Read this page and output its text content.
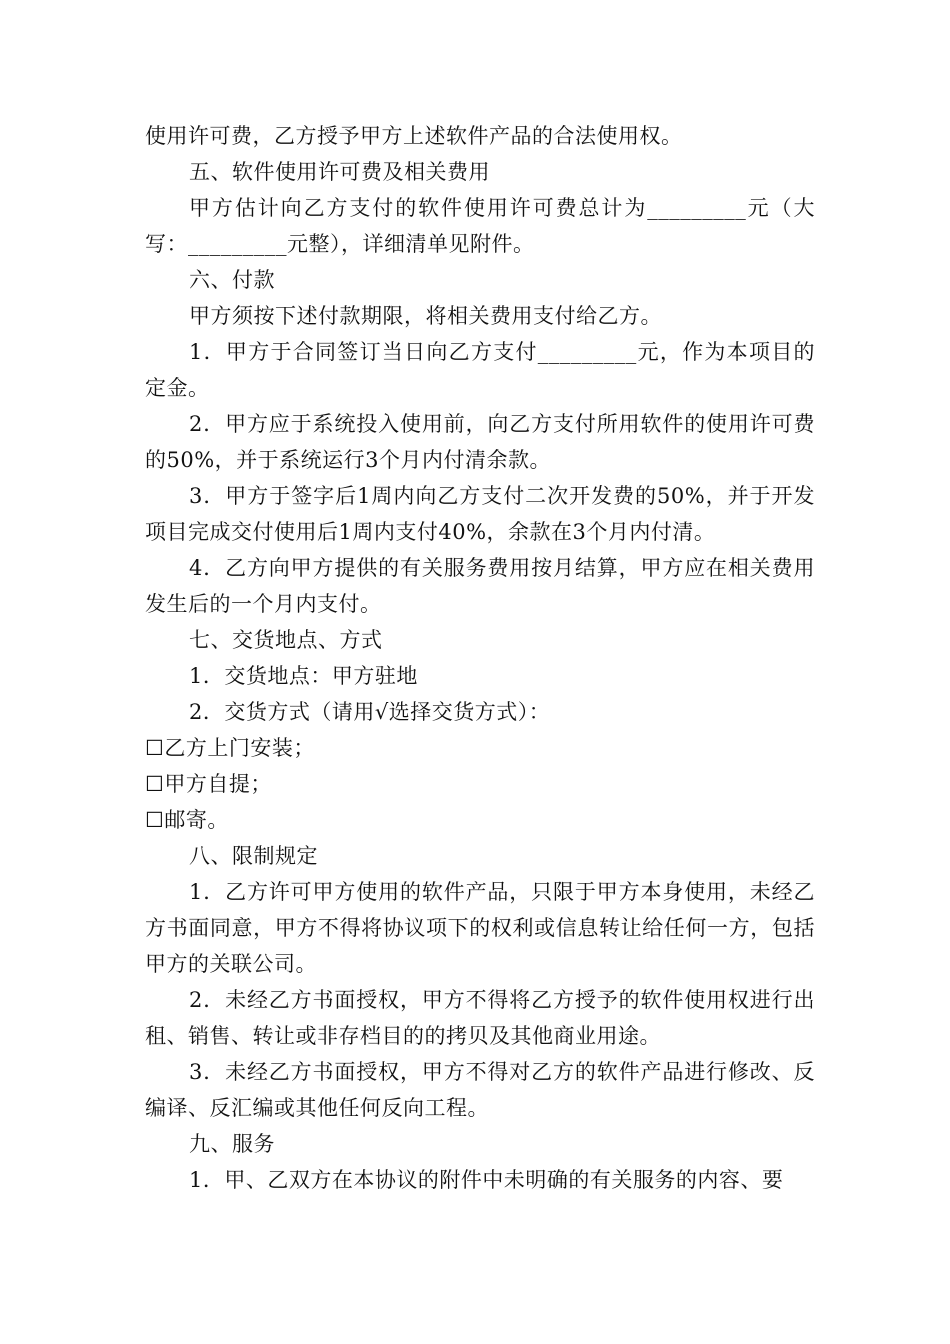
使用许可费，乙方授予甲方上述软件产品的合法使用权。

五、软件使用许可费及相关费用

甲方估计向乙方支付的软件使用许可费总计为_________元（大写：_________元整），详细清单见附件。

六、付款

甲方须按下述付款期限，将相关费用支付给乙方。

1．甲方于合同签订当日向乙方支付_________元，作为本项目的定金。

2．甲方应于系统投入使用前，向乙方支付所用软件的使用许可费的50%，并于系统运行3个月内付清余款。

3．甲方于签字后1周内向乙方支付二次开发费的50%，并于开发项目完成交付使用后1周内支付40%，余款在3个月内付清。

4．乙方向甲方提供的有关服务费用按月结算，甲方应在相关费用发生后的一个月内支付。

七、交货地点、方式

1．交货地点：甲方驻地

2．交货方式（请用√选择交货方式）：

☐乙方上门安装；

☐甲方自提；

☐邮寄。

八、限制规定

1．乙方许可甲方使用的软件产品，只限于甲方本身使用，未经乙方书面同意，甲方不得将协议项下的权利或信息转让给任何一方，包括甲方的关联公司。

2．未经乙方书面授权，甲方不得将乙方授予的软件使用权进行出租、销售、转让或非存档目的的拷贝及其他商业用途。

3．未经乙方书面授权，甲方不得对乙方的软件产品进行修改、反编译、反汇编或其他任何反向工程。

九、服务

1．甲、乙双方在本协议的附件中未明确的有关服务的内容、要
